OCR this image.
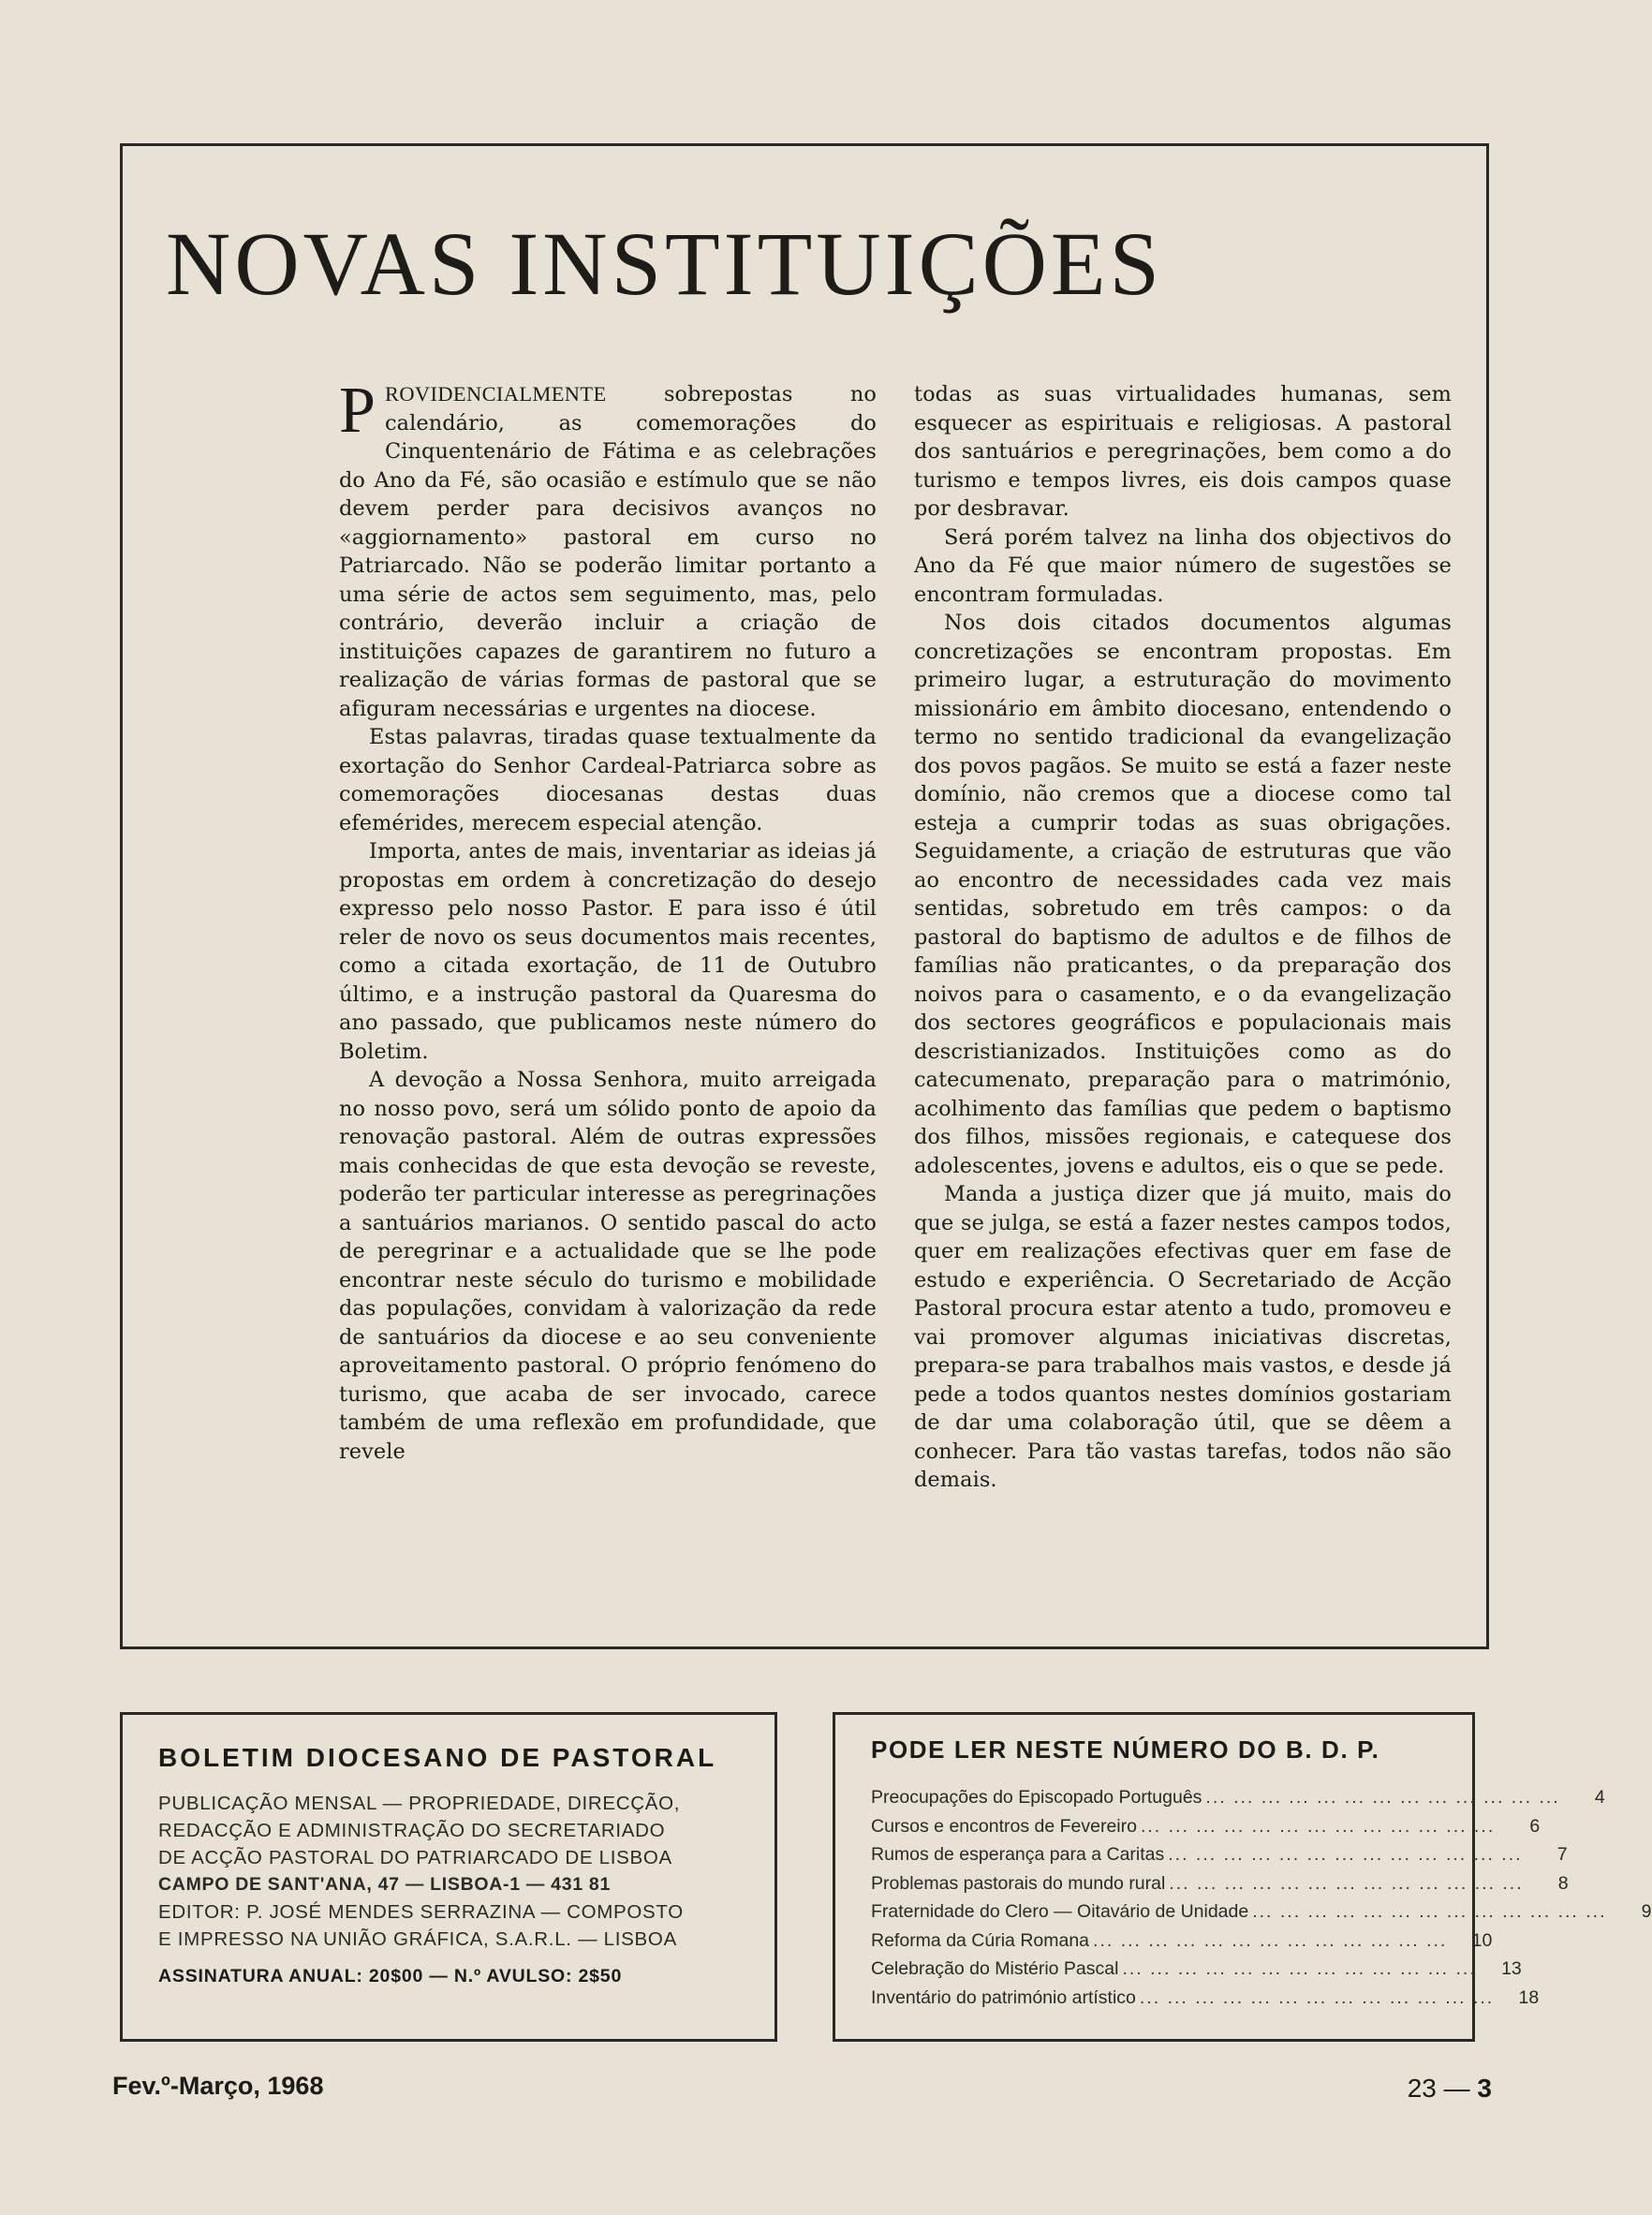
NOVAS INSTITUIÇÕES

PROVIDENCIALMENTE sobrepostas no calendário, as comemorações do Cinquentenário de Fátima e as celebrações do Ano da Fé, são ocasião e estímulo que se não devem perder para decisivos avanços no «aggiornamento» pastoral em curso no Patriarcado. Não se poderão limitar portanto a uma série de actos sem seguimento, mas, pelo contrário, deverão incluir a criação de instituições capazes de garantirem no futuro a realização de várias formas de pastoral que se afiguram necessárias e urgentes na diocese.

Estas palavras, tiradas quase textualmente da exortação do Senhor Cardeal-Patriarca sobre as comemorações diocesanas destas duas efemérides, merecem especial atenção.

Importa, antes de mais, inventariar as ideias já propostas em ordem à concretização do desejo expresso pelo nosso Pastor. E para isso é útil reler de novo os seus documentos mais recentes, como a citada exortação, de 11 de Outubro último, e a instrução pastoral da Quaresma do ano passado, que publicamos neste número do Boletim.

A devoção a Nossa Senhora, muito arreigada no nosso povo, será um sólido ponto de apoio da renovação pastoral. Além de outras expressões mais conhecidas de que esta devoção se reveste, poderão ter particular interesse as peregrinações a santuários marianos. O sentido pascal do acto de peregrinar e a actualidade que se lhe pode encontrar neste século do turismo e mobilidade das populações, convidam à valorização da rede de santuários da diocese e ao seu conveniente aproveitamento pastoral. O próprio fenómeno do turismo, que acaba de ser invocado, carece também de uma reflexão em profundidade, que revele

todas as suas virtualidades humanas, sem esquecer as espirituais e religiosas. A pastoral dos santuários e peregrinações, bem como a do turismo e tempos livres, eis dois campos quase por desbravar.

Será porém talvez na linha dos objectivos do Ano da Fé que maior número de sugestões se encontram formuladas.

Nos dois citados documentos algumas concretizações se encontram propostas. Em primeiro lugar, a estruturação do movimento missionário em âmbito diocesano, entendendo o termo no sentido tradicional da evangelização dos povos pagãos. Se muito se está a fazer neste domínio, não cremos que a diocese como tal esteja a cumprir todas as suas obrigações. Seguidamente, a criação de estruturas que vão ao encontro de necessidades cada vez mais sentidas, sobretudo em três campos: o da pastoral do baptismo de adultos e de filhos de famílias não praticantes, o da preparação dos noivos para o casamento, e o da evangelização dos sectores geográficos e populacionais mais descristianizados. Instituições como as do catecumenato, preparação para o matrimónio, acolhimento das famílias que pedem o baptismo dos filhos, missões regionais, e catequese dos adolescentes, jovens e adultos, eis o que se pede.

Manda a justiça dizer que já muito, mais do que se julga, se está a fazer nestes campos todos, quer em realizações efectivas quer em fase de estudo e experiência. O Secretariado de Acção Pastoral procura estar atento a tudo, promoveu e vai promover algumas iniciativas discretas, prepara-se para trabalhos mais vastos, e desde já pede a todos quantos nestes domínios gostariam de dar uma colaboração útil, que se dêem a conhecer. Para tão vastas tarefas, todos não são demais.

BOLETIM DIOCESANO DE PASTORAL
PUBLICAÇÃO MENSAL — PROPRIEDADE, DIRECÇÃO,
REDACÇÃO E ADMINISTRAÇÃO DO SECRETARIADO
DE ACÇÃO PASTORAL DO PATRIARCADO DE LISBOA
CAMPO DE SANT'ANA, 47 — LISBOA-1 — 431 81
EDITOR: P. JOSÉ MENDES SERRAZINA — COMPOSTO
E IMPRESSO NA UNIÃO GRÁFICA, S.A.R.L. — LISBOA
ASSINATURA ANUAL: 20$00 — N.º AVULSO: 2$50
PODE LER NESTE NÚMERO DO B. D. P.
Preocupações do Episcopado Português ... ... ... ... ... ... ... ... ... ... ... ... ...	4
Cursos e encontros de Fevereiro ... ... ... ... ... ... ... ... ... ... ... ... ...	6
Rumos de esperança para a Caritas ... ... ... ... ... ... ... ... ... ... ... ... ...	7
Problemas pastorais do mundo rural ... ... ... ... ... ... ... ... ... ... ... ... ...	8
Fraternidade do Clero — Oitavário de Unidade ... ... ... ... ... ... ... ... ... ... ... ... ...	9
Reforma da Cúria Romana ... ... ... ... ... ... ... ... ... ... ... ... ...	10
Celebração do Mistério Pascal ... ... ... ... ... ... ... ... ... ... ... ... ...	13
Inventário do património artístico ... ... ... ... ... ... ... ... ... ... ... ... ...	18
Fev.º-Março, 1968	23 — 3
